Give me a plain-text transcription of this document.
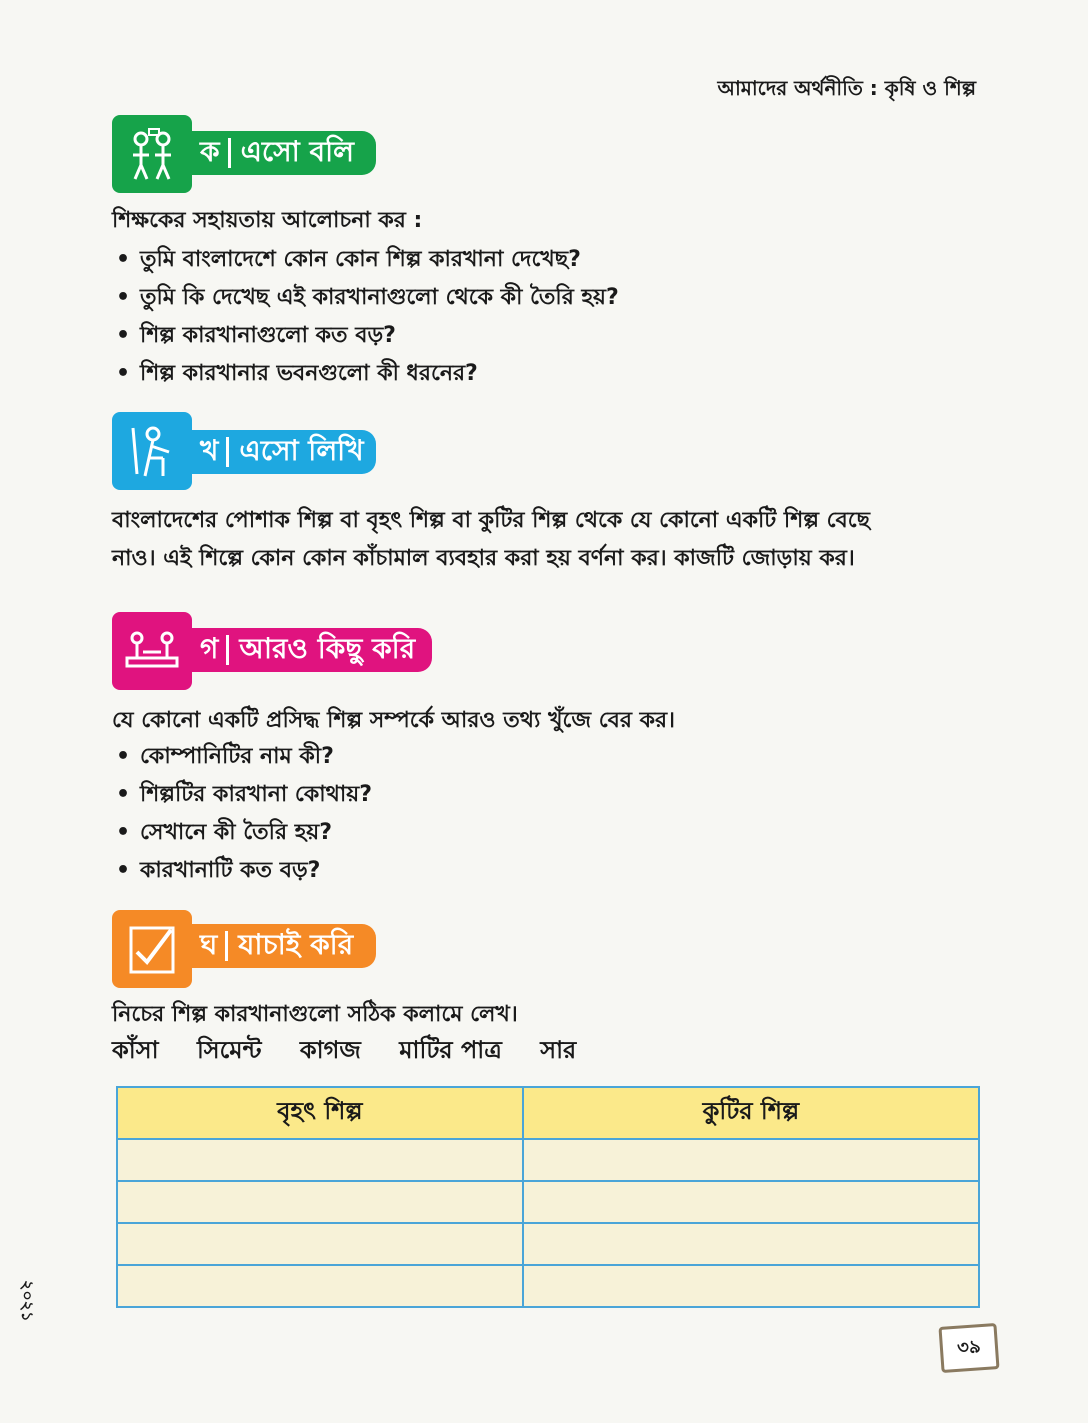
আমাদের অর্থনীতি : কৃষি ও শিল্প
ক এসো বলি
শিক্ষকের সহায়তায় আলোচনা কর :
• তুমি বাংলাদেশে কোন কোন শিল্প কারখানা দেখেছ?
• তুমি কি দেখেছ এই কারখানাগুলো থেকে কী তৈরি হয়?
• শিল্প কারখানাগুলো কত বড়?
• শিল্প কারখানার ভবনগুলো কী ধরনের?
খ এসো লিখি
বাংলাদেশের পোশাক শিল্প বা বৃহৎ শিল্প বা কুটির শিল্প থেকে যে কোনো একটি শিল্প বেছে
নাও। এই শিল্পে কোন কোন কাঁচামাল ব্যবহার করা হয় বর্ণনা কর। কাজটি জোড়ায় কর।
গ আরও কিছু করি
যে কোনো একটি প্রসিদ্ধ শিল্প সম্পর্কে আরও তথ্য খুঁজে বের কর।
• কোম্পানিটির নাম কী?
• শিল্পটির কারখানা কোথায়?
• সেখানে কী তৈরি হয়?
• কারখানাটি কত বড়?
ঘ যাচাই করি
নিচের শিল্প কারখানাগুলো সঠিক কলামে লেখ।
কাঁসা সিমেন্ট কাগজ মাটির পাত্র সার
বৃহৎ শিল্প	কুটির শিল্প

২০২১
৩৯
